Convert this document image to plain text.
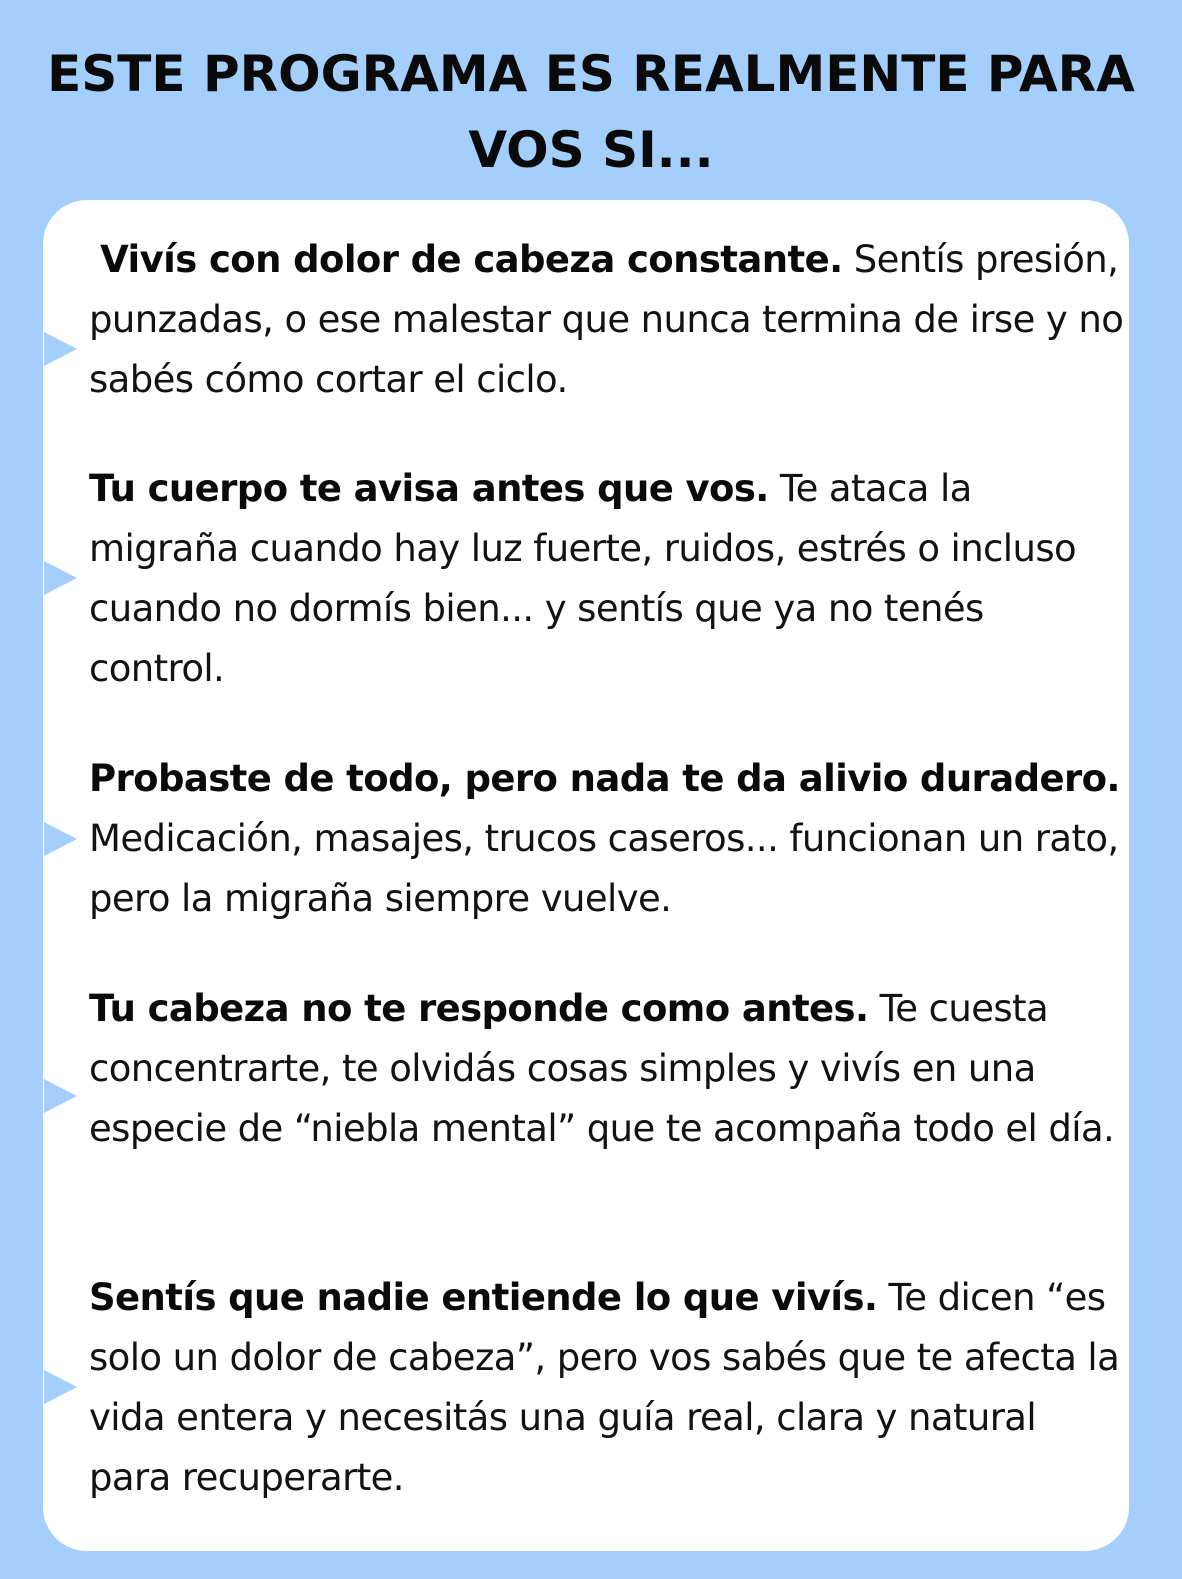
ESTE PROGRAMA ES REALMENTE PARA VOS SI...

Vivís con dolor de cabeza constante. Sentís presión, punzadas, o ese malestar que nunca termina de irse y no sabés cómo cortar el ciclo.

Tu cuerpo te avisa antes que vos. Te ataca la migraña cuando hay luz fuerte, ruidos, estrés o incluso cuando no dormís bien... y sentís que ya no tenés control.

Probaste de todo, pero nada te da alivio duradero. Medicación, masajes, trucos caseros... funcionan un rato, pero la migraña siempre vuelve.

Tu cabeza no te responde como antes. Te cuesta concentrarte, te olvidás cosas simples y vivís en una especie de “niebla mental” que te acompaña todo el día.

Sentís que nadie entiende lo que vivís. Te dicen “es solo un dolor de cabeza”, pero vos sabés que te afecta la vida entera y necesitás una guía real, clara y natural para recuperarte.
